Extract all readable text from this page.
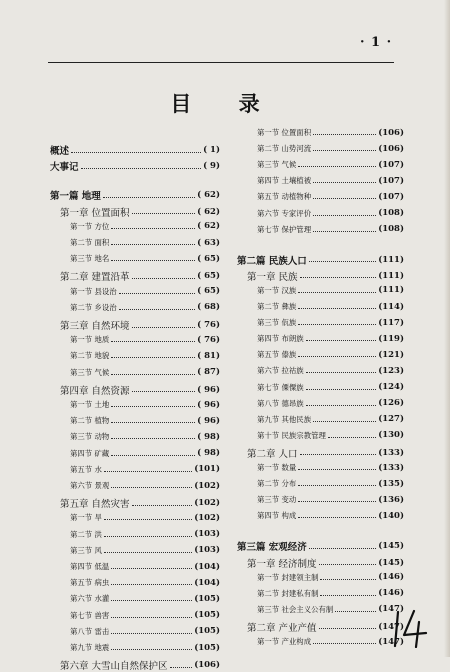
· 1 ·
目 录
概述	( 1)
大事记	( 9)
第一篇 地理	( 62)
第一章 位置面积	( 62)
第一节 方位	( 62)
第二节 面积	( 63)
第三节 地名	( 65)
第二章 建置沿革	( 65)
第一节 县设治	( 65)
第二节 乡设治	( 68)
第三章 自然环境	( 76)
第一节 地质	( 76)
第二节 地貌	( 81)
第三节 气候	( 87)
第四章 自然资源	( 96)
第一节 土地	( 96)
第二节 植物	( 96)
第三节 动物	( 98)
第四节 矿藏	( 98)
第五节 水	(101)
第六节 景观	(102)
第五章 自然灾害	(102)
第一节 旱	(102)
第二节 洪	(103)
第三节 风	(103)
第四节 低温	(104)
第五节 病虫	(104)
第六节 水灌	(105)
第七节 兽害	(105)
第八节 雷击	(105)
第九节 地震	(105)
第六章 大雪山自然保护区	(106)
第一节 位置面积	(106)
第二节 山势河流	(106)
第三节 气候	(107)
第四节 土壤植被	(107)
第五节 动植物种	(107)
第六节 专家评价	(108)
第七节 保护管理	(108)
第二篇 民族人口	(111)
第一章 民族	(111)
第一节 汉族	(111)
第二节 彝族	(114)
第三节 佤族	(117)
第四节 布朗族	(119)
第五节 傣族	(121)
第六节 拉祜族	(123)
第七节 傈僳族	(124)
第八节 德昂族	(126)
第九节 其他民族	(127)
第十节 民族宗教管理	(130)
第二章 人口	(133)
第一节 数量	(133)
第二节 分布	(135)
第三节 变动	(136)
第四节 构成	(140)
第三篇 宏观经济	(145)
第一章 经济制度	(145)
第一节 封建领主制	(146)
第二节 封建私有制	(146)
第三节 社会主义公有制	(147)
第二章 产业产值	(147)
第一节 产业构成	(147)
